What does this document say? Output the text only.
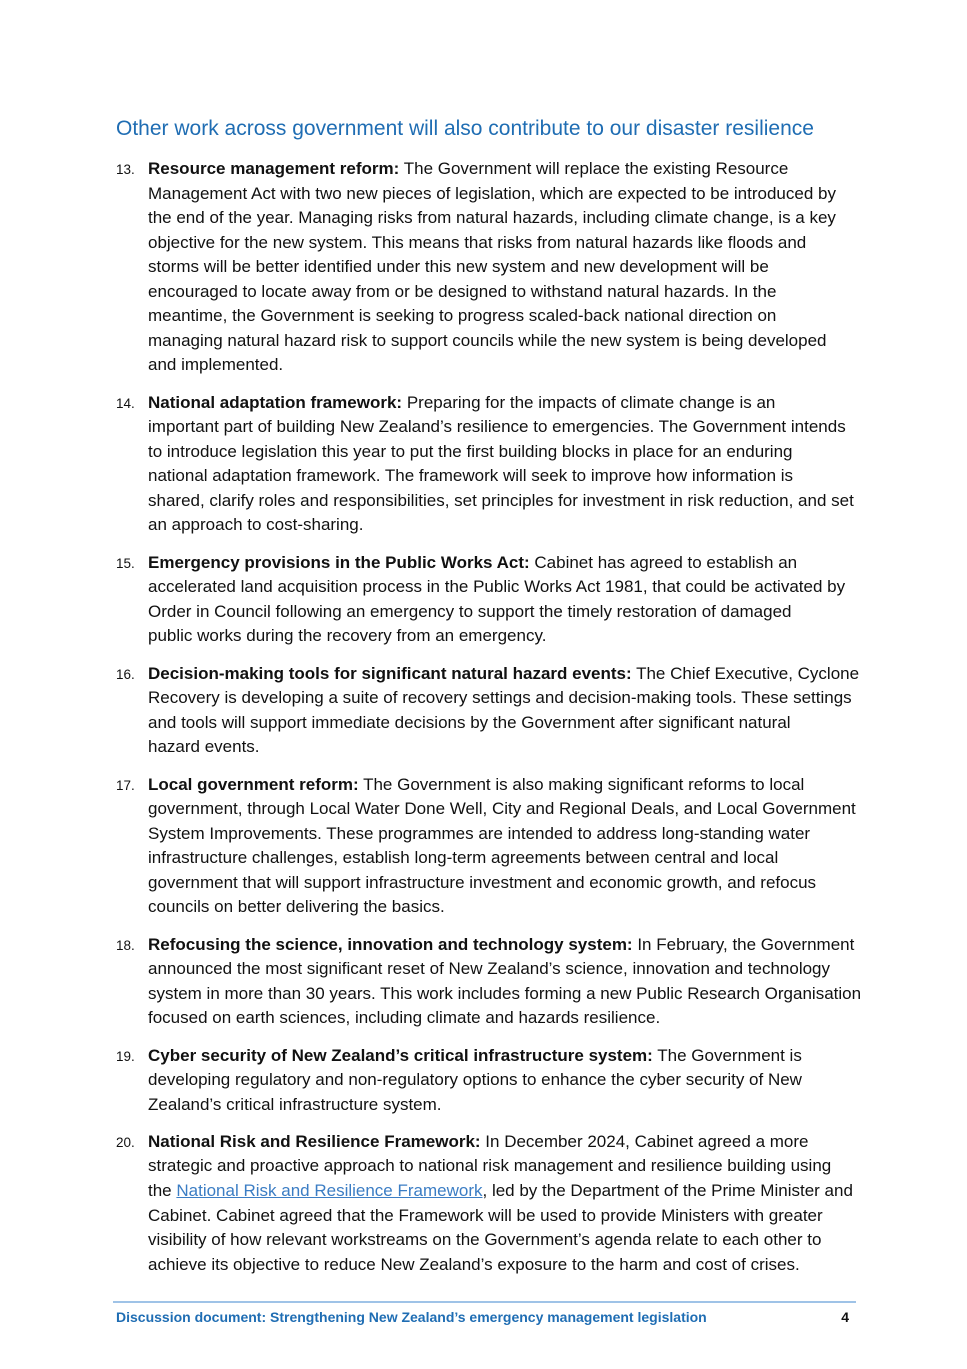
Other work across government will also contribute to our disaster resilience
13. Resource management reform: The Government will replace the existing Resource
Management Act with two new pieces of legislation, which are expected to be introduced by
the end of the year. Managing risks from natural hazards, including climate change, is a key
objective for the new system. This means that risks from natural hazards like floods and
storms will be better identified under this new system and new development will be
encouraged to locate away from or be designed to withstand natural hazards. In the
meantime, the Government is seeking to progress scaled-back national direction on
managing natural hazard risk to support councils while the new system is being developed
and implemented.

14. National adaptation framework: Preparing for the impacts of climate change is an
important part of building New Zealand’s resilience to emergencies. The Government intends
to introduce legislation this year to put the first building blocks in place for an enduring
national adaptation framework. The framework will seek to improve how information is
shared, clarify roles and responsibilities, set principles for investment in risk reduction, and set
an approach to cost-sharing.

15. Emergency provisions in the Public Works Act: Cabinet has agreed to establish an
accelerated land acquisition process in the Public Works Act 1981, that could be activated by
Order in Council following an emergency to support the timely restoration of damaged
public works during the recovery from an emergency.

16. Decision-making tools for significant natural hazard events: The Chief Executive, Cyclone
Recovery is developing a suite of recovery settings and decision-making tools. These settings
and tools will support immediate decisions by the Government after significant natural
hazard events.

17. Local government reform: The Government is also making significant reforms to local
government, through Local Water Done Well, City and Regional Deals, and Local Government
System Improvements. These programmes are intended to address long-standing water
infrastructure challenges, establish long-term agreements between central and local
government that will support infrastructure investment and economic growth, and refocus
councils on better delivering the basics.

18. Refocusing the science, innovation and technology system: In February, the Government
announced the most significant reset of New Zealand’s science, innovation and technology
system in more than 30 years. This work includes forming a new Public Research Organisation
focused on earth sciences, including climate and hazards resilience.

19. Cyber security of New Zealand’s critical infrastructure system: The Government is
developing regulatory and non-regulatory options to enhance the cyber security of New
Zealand’s critical infrastructure system.

20. National Risk and Resilience Framework: In December 2024, Cabinet agreed a more
strategic and proactive approach to national risk management and resilience building using
the National Risk and Resilience Framework, led by the Department of the Prime Minister and
Cabinet. Cabinet agreed that the Framework will be used to provide Ministers with greater
visibility of how relevant workstreams on the Government’s agenda relate to each other to
achieve its objective to reduce New Zealand’s exposure to the harm and cost of crises.

Discussion document: Strengthening New Zealand’s emergency management legislation	4
